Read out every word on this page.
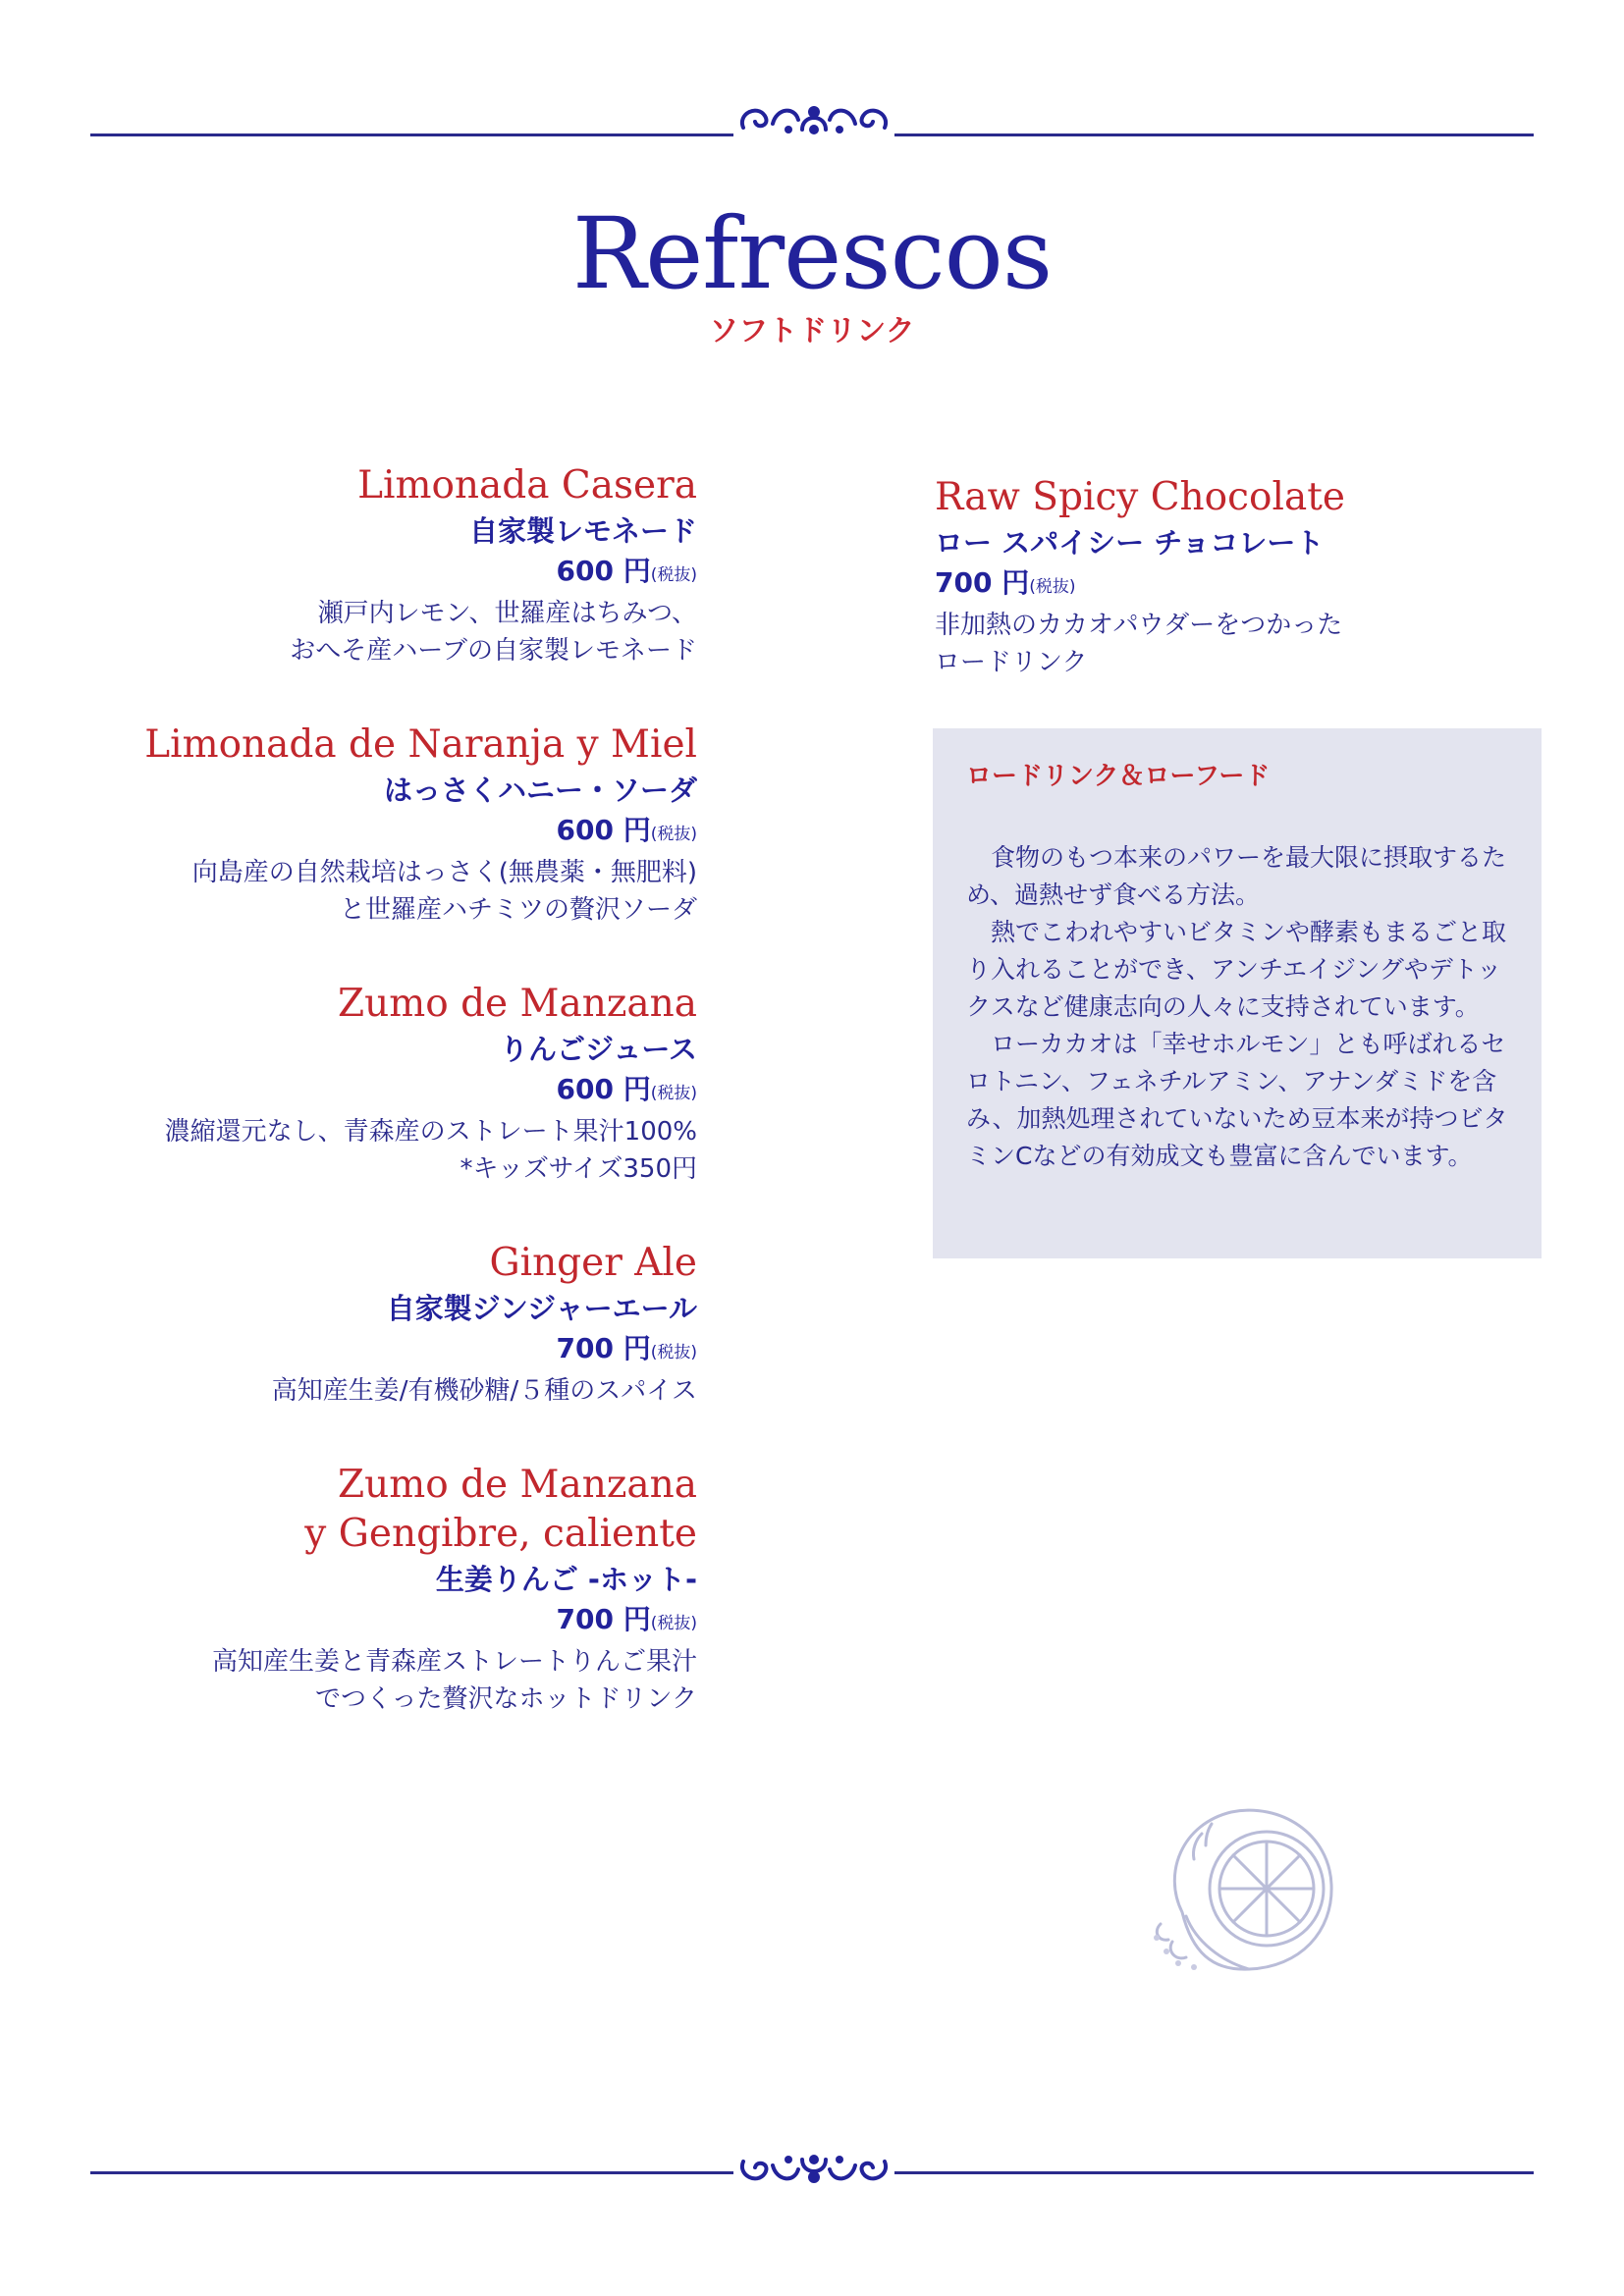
Refrescos
ソフトドリンク
Limonada Casera
自家製レモネード
600 円(税抜)
瀬戸内レモン、世羅産はちみつ、
おへそ産ハーブの自家製レモネード
Limonada de Naranja y Miel
はっさくハニー・ソーダ
600 円(税抜)
向島産の自然栽培はっさく(無農薬・無肥料)
と世羅産ハチミツの贅沢ソーダ
Zumo de Manzana
りんごジュース
600 円(税抜)
濃縮還元なし、青森産のストレート果汁100%
*キッズサイズ350円
Ginger Ale
自家製ジンジャーエール
700 円(税抜)
高知産生姜/有機砂糖/５種のスパイス
Zumo de Manzana
y Gengibre, caliente
生姜りんご -ホット-
700 円(税抜)
高知産生姜と青森産ストレートりんご果汁
でつくった贅沢なホットドリンク
Raw Spicy Chocolate
ロー スパイシー チョコレート
700 円(税抜)
非加熱のカカオパウダーをつかった
ロードリンク
ロードリンク＆ローフード

食物のもつ本来のパワーを最大限に摂取するため、過熱せず食べる方法。

熱でこわれやすいビタミンや酵素もまるごと取り入れることができ、アンチエイジングやデトックスなど健康志向の人々に支持されています。

ローカカオは「幸せホルモン」とも呼ばれるセロトニン、フェネチルアミン、アナンダミドを含み、加熱処理されていないため豆本来が持つビタミンCなどの有効成文も豊富に含んでいます。
